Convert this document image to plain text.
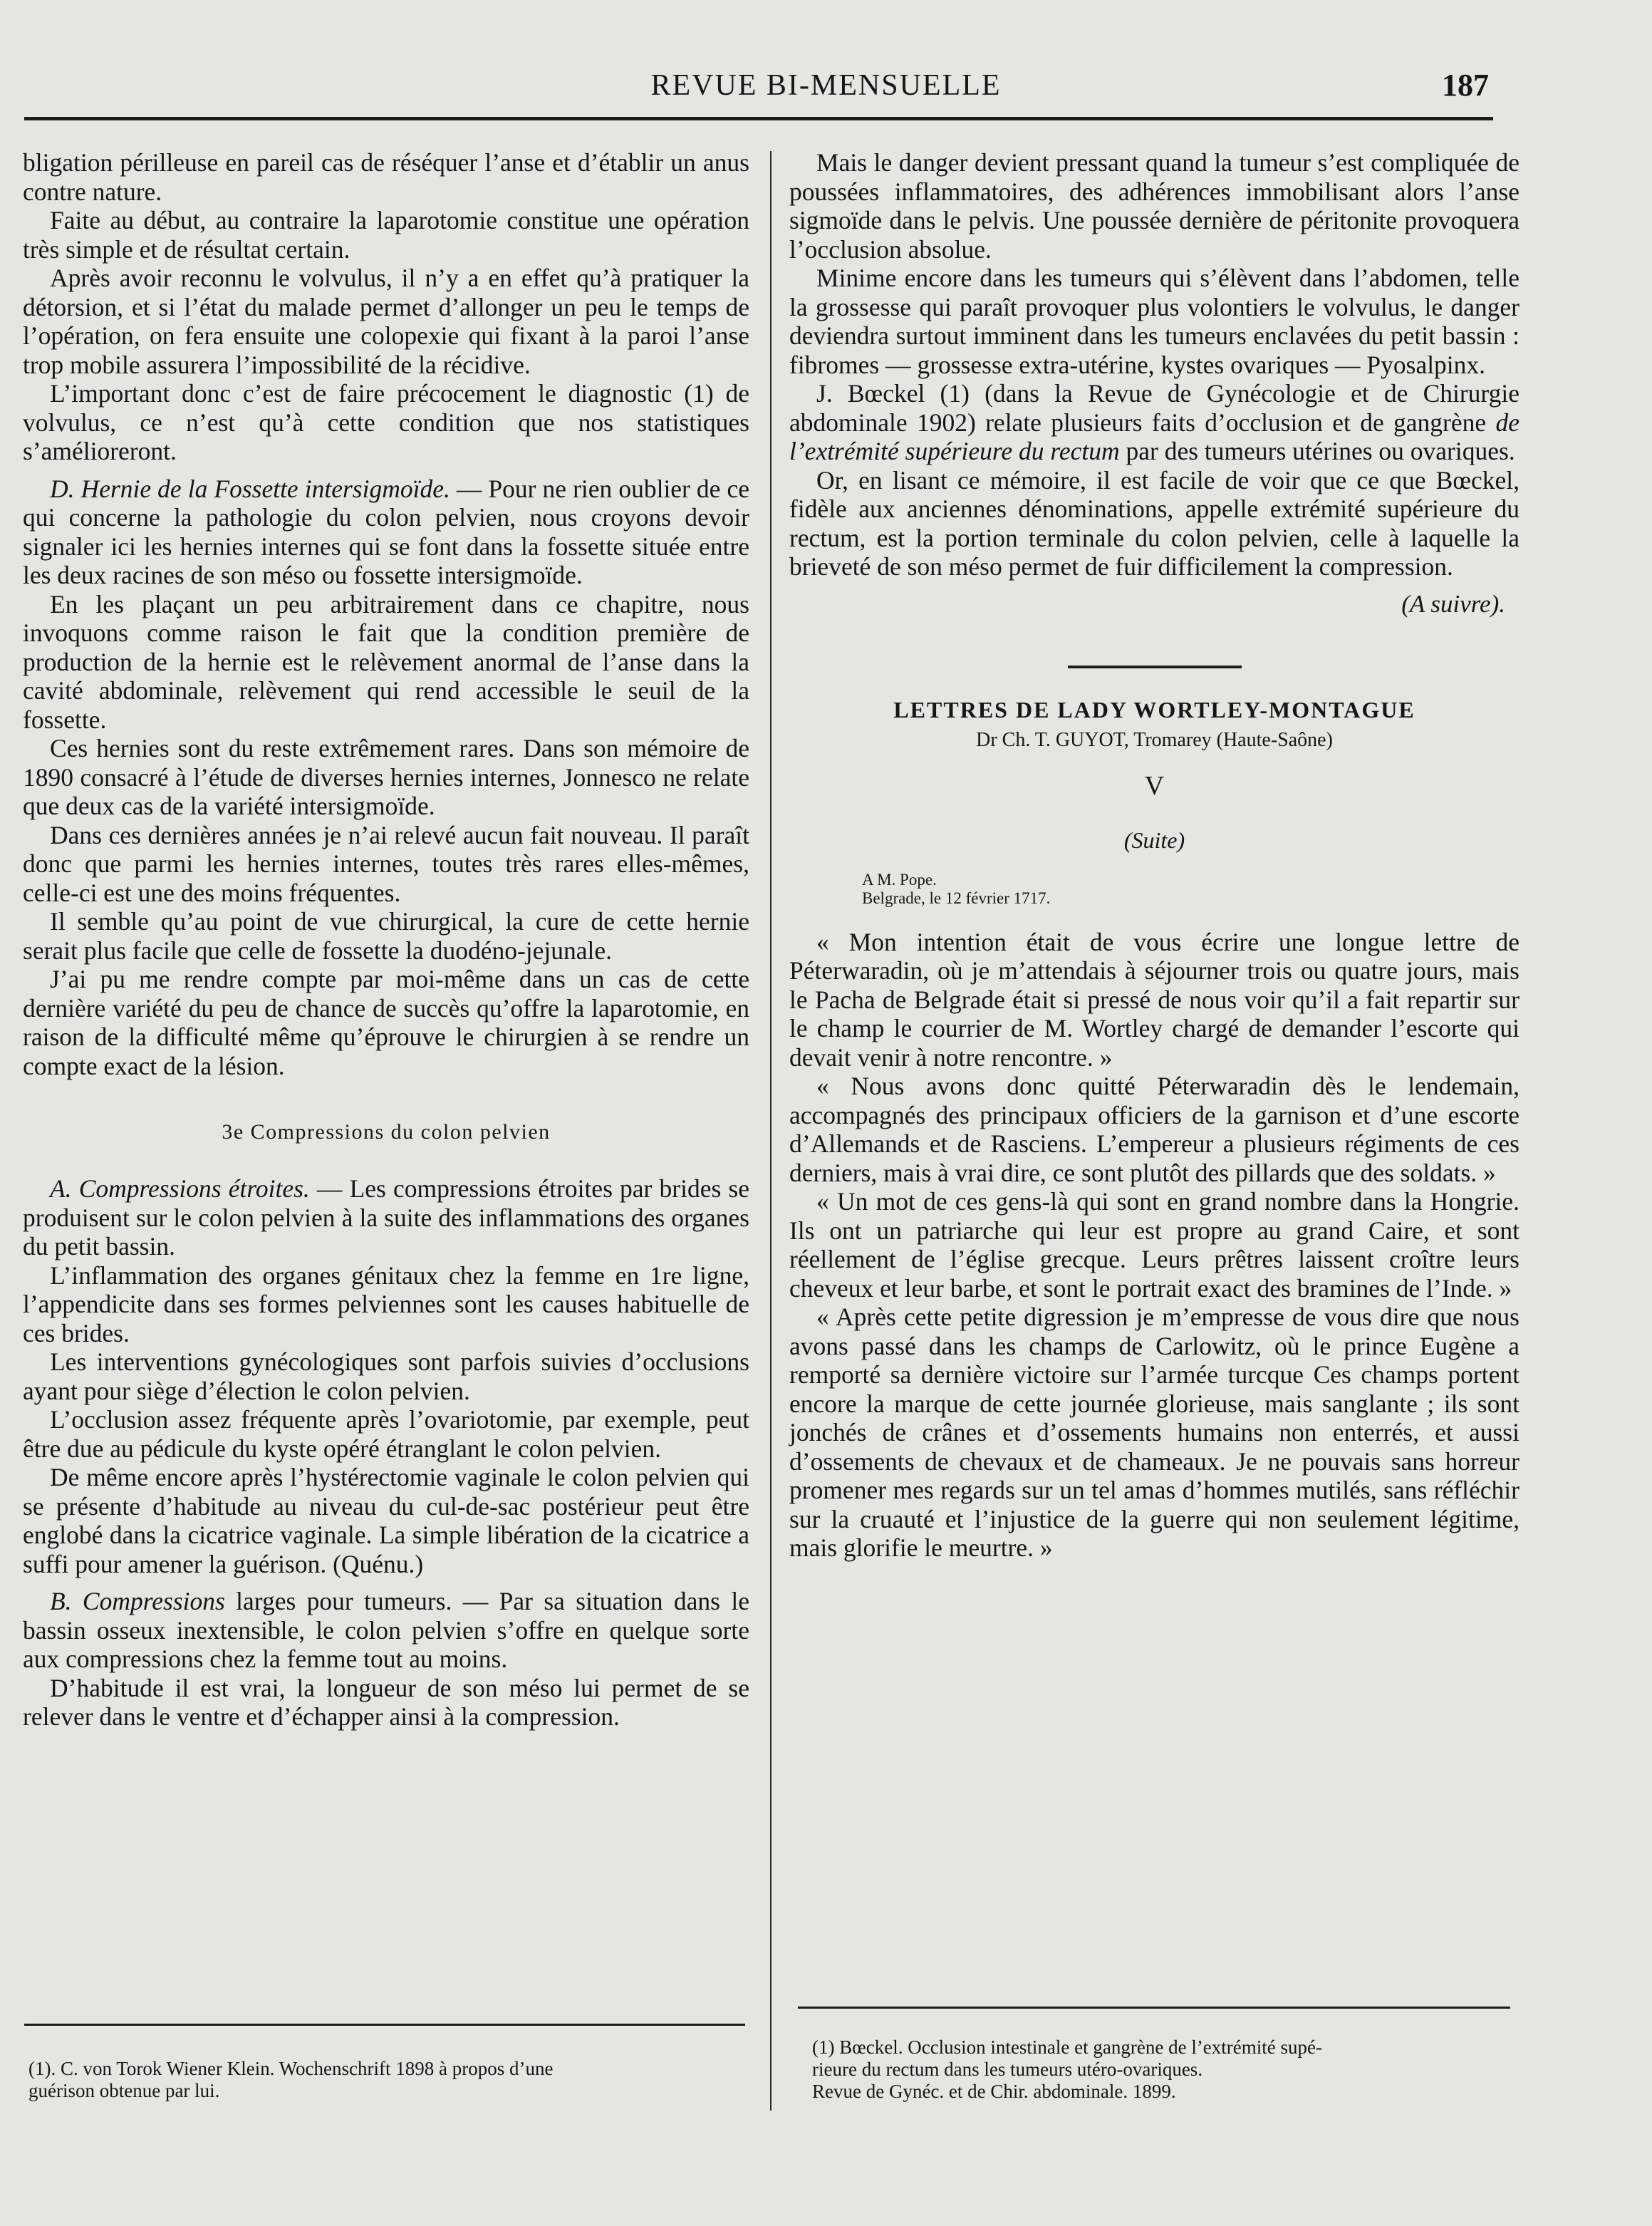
REVUE BI-MENSUELLE	187

bligation périlleuse en pareil cas de réséquer l’anse et d’établir un anus contre nature.

Faite au début, au contraire la laparotomie constitue une opération très simple et de résultat certain.

Après avoir reconnu le volvulus, il n’y a en effet qu’à pratiquer la détorsion, et si l’état du malade permet d’allonger un peu le temps de l’opération, on fera ensuite une colopexie qui fixant à la paroi l’anse trop mobile assurera l’impossibilité de la récidive.

L’important donc c’est de faire précocement le diagnostic (1) de volvulus, ce n’est qu’à cette condition que nos statistiques s’amélioreront.

D. Hernie de la Fossette intersigmoïde. — Pour ne rien oublier de ce qui concerne la pathologie du colon pelvien, nous croyons devoir signaler ici les hernies internes qui se font dans la fossette située entre les deux racines de son méso ou fossette intersigmoïde.

En les plaçant un peu arbitrairement dans ce chapitre, nous invoquons comme raison le fait que la condition première de production de la hernie est le relèvement anormal de l’anse dans la cavité abdominale, relèvement qui rend accessible le seuil de la fossette.

Ces hernies sont du reste extrêmement rares. Dans son mémoire de 1890 consacré à l’étude de diverses hernies internes, Jonnesco ne relate que deux cas de la variété intersigmoïde.

Dans ces dernières années je n’ai relevé aucun fait nouveau. Il paraît donc que parmi les hernies internes, toutes très rares elles-mêmes, celle-ci est une des moins fréquentes.

Il semble qu’au point de vue chirurgical, la cure de cette hernie serait plus facile que celle de fossette la duodéno-jejunale.

J’ai pu me rendre compte par moi-même dans un cas de cette dernière variété du peu de chance de succès qu’offre la laparotomie, en raison de la difficulté même qu’éprouve le chirurgien à se rendre un compte exact de la lésion.

3e Compressions du colon pelvien

A. Compressions étroites. — Les compressions étroites par brides se produisent sur le colon pelvien à la suite des inflammations des organes du petit bassin.

L’inflammation des organes génitaux chez la femme en 1re ligne, l’appendicite dans ses formes pelviennes sont les causes habituelle de ces brides.

Les interventions gynécologiques sont parfois suivies d’occlusions ayant pour siège d’élection le colon pelvien.

L’occlusion assez fréquente après l’ovariotomie, par exemple, peut être due au pédicule du kyste opéré étranglant le colon pelvien.

De même encore après l’hystérectomie vaginale le colon pelvien qui se présente d’habitude au niveau du cul-de-sac postérieur peut être englobé dans la cicatrice vaginale. La simple libération de la cicatrice a suffi pour amener la guérison. (Quénu.)

B. Compressions larges pour tumeurs. — Par sa situation dans le bassin osseux inextensible, le colon pelvien s’offre en quelque sorte aux compressions chez la femme tout au moins.

D’habitude il est vrai, la longueur de son méso lui permet de se relever dans le ventre et d’échapper ainsi à la compression.

Mais le danger devient pressant quand la tumeur s’est compliquée de poussées inflammatoires, des adhérences immobilisant alors l’anse sigmoïde dans le pelvis. Une poussée dernière de péritonite provoquera l’occlusion absolue.

Minime encore dans les tumeurs qui s’élèvent dans l’abdomen, telle la grossesse qui paraît provoquer plus volontiers le volvulus, le danger deviendra surtout imminent dans les tumeurs enclavées du petit bassin : fibromes — grossesse extra-utérine, kystes ovariques — Pyosalpinx.

J. Bœckel (1) (dans la Revue de Gynécologie et de Chirurgie abdominale 1902) relate plusieurs faits d’occlusion et de gangrène de l’extrémité supérieure du rectum par des tumeurs utérines ou ovariques.

Or, en lisant ce mémoire, il est facile de voir que ce que Bœckel, fidèle aux anciennes dénominations, appelle extrémité supérieure du rectum, est la portion terminale du colon pelvien, celle à laquelle la brieveté de son méso permet de fuir difficilement la compression.

(A suivre).
LETTRES DE LADY WORTLEY-MONTAGUE
Dr Ch. T. GUYOT, Tromarey (Haute-Saône)
V
(Suite)
A M. Pope.
Belgrade, le 12 février 1717.

« Mon intention était de vous écrire une longue lettre de Péterwaradin, où je m’attendais à séjourner trois ou quatre jours, mais le Pacha de Belgrade était si pressé de nous voir qu’il a fait repartir sur le champ le courrier de M. Wortley chargé de demander l’escorte qui devait venir à notre rencontre. »

« Nous avons donc quitté Péterwaradin dès le lendemain, accompagnés des principaux officiers de la garnison et d’une escorte d’Allemands et de Rasciens. L’empereur a plusieurs régiments de ces derniers, mais à vrai dire, ce sont plutôt des pillards que des soldats. »

« Un mot de ces gens-là qui sont en grand nombre dans la Hongrie. Ils ont un patriarche qui leur est propre au grand Caire, et sont réellement de l’église grecque. Leurs prêtres laissent croître leurs cheveux et leur barbe, et sont le portrait exact des bramines de l’Inde. »

« Après cette petite digression je m’empresse de vous dire que nous avons passé dans les champs de Carlowitz, où le prince Eugène a remporté sa dernière victoire sur l’armée turcque Ces champs portent encore la marque de cette journée glorieuse, mais sanglante ; ils sont jonchés de crânes et d’ossements humains non enterrés, et aussi d’ossements de chevaux et de chameaux. Je ne pouvais sans horreur promener mes regards sur un tel amas d’hommes mutilés, sans réfléchir sur la cruauté et l’injustice de la guerre qui non seulement légitime, mais glorifie le meurtre. »

(1). C. von Torok Wiener Klein. Wochenschrift 1898 à propos d’une
guérison obtenue par lui.
(1) Bœckel. Occlusion intestinale et gangrène de l’extrémité supé-
rieure du rectum dans les tumeurs utéro-ovariques.
Revue de Gynéc. et de Chir. abdominale. 1899.
